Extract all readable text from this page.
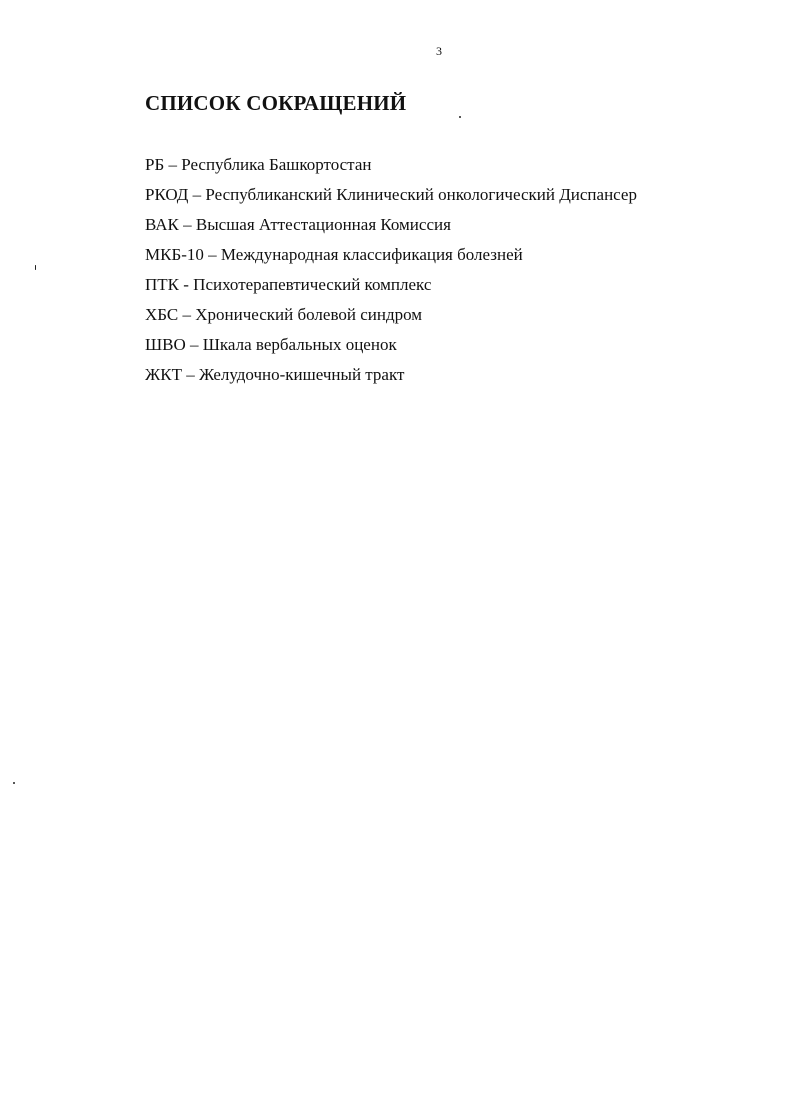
3
СПИСОК СОКРАЩЕНИЙ
РБ – Республика Башкортостан
РКОД – Республиканский Клинический онкологический Диспансер
ВАК – Высшая Аттестационная Комиссия
МКБ-10 – Международная классификация болезней
ПТК - Психотерапевтический комплекс
ХБС – Хронический болевой синдром
ШВО – Шкала вербальных оценок
ЖКТ – Желудочно-кишечный тракт
